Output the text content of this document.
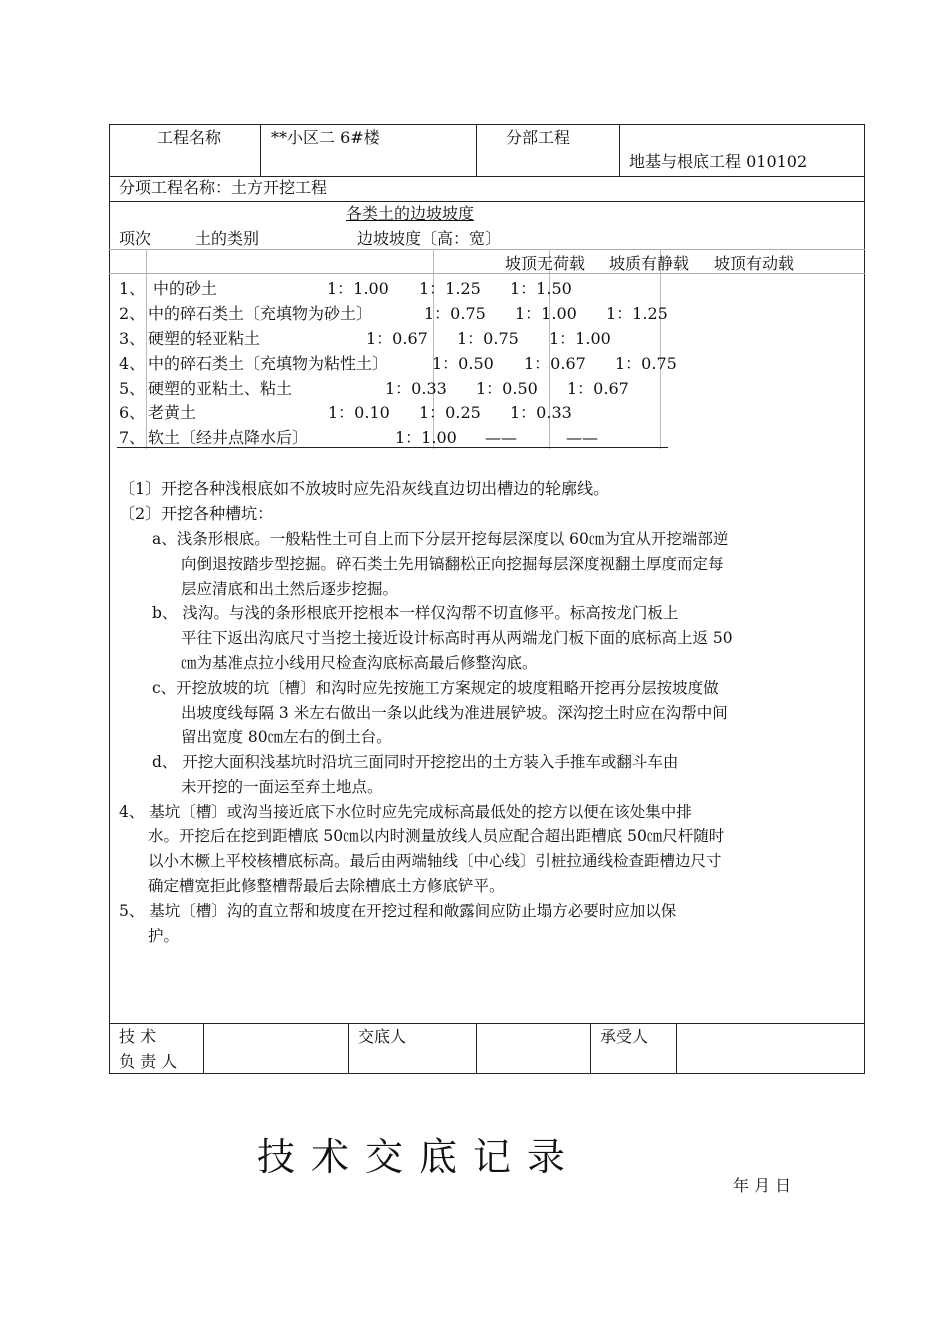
工程名称	**小区二 6#楼	分部工程
地基与根底工程 010102
分项工程名称：土方开挖工程
各类土的边坡坡度
项次	土的类别	边坡坡度〔高：宽〕
坡顶无荷载 坡质有静载 坡顶有动载
1、 中的砂土	1：1.00 1：1.25 1：1.50
2、 中的碎石类土〔充填物为砂土〕	1：0.75 1：1.00 1：1.25
3、 硬塑的轻亚粘土	1：0.67 1：0.75 1：1.00
4、 中的碎石类土〔充填物为粘性土〕	1：0.50 1：0.67 1：0.75
5、 硬塑的亚粘土、粘土	1：0.33 1：0.50 1：0.67
6、 老黄土	1：0.10 1：0.25 1：0.33
7、 软土〔经井点降水后〕	1：1.00 ——	——
〔1〕开挖各种浅根底如不放坡时应先沿灰线直边切出槽边的轮廓线。
〔2〕开挖各种槽坑：
a、浅条形根底。一般粘性土可自上而下分层开挖每层深度以 60㎝为宜从开挖端部逆
向倒退按踏步型挖掘。碎石类土先用镐翻松正向挖掘每层深度视翻土厚度而定每
层应清底和出土然后逐步挖掘。
b、 浅沟。与浅的条形根底开挖根本一样仅沟帮不切直修平。标高按龙门板上
平往下返出沟底尺寸当挖土接近设计标高时再从两端龙门板下面的底标高上返 50
㎝为基准点拉小线用尺检查沟底标高最后修整沟底。
c、开挖放坡的坑〔槽〕和沟时应先按施工方案规定的坡度粗略开挖再分层按坡度做
出坡度线每隔 3 米左右做出一条以此线为准进展铲坡。深沟挖土时应在沟帮中间
留出宽度 80㎝左右的倒土台。
d、 开挖大面积浅基坑时沿坑三面同时开挖挖出的土方装入手推车或翻斗车由
未开挖的一面运至弃土地点。
4、 基坑〔槽〕或沟当接近底下水位时应先完成标高最低处的挖方以便在该处集中排
水。开挖后在挖到距槽底 50㎝以内时测量放线人员应配合超出距槽底 50㎝尺杆随时
以小木橛上平校核槽底标高。最后由两端轴线〔中心线〕引桩拉通线检查距槽边尺寸
确定槽宽拒此修整槽帮最后去除槽底土方修底铲平。
5、 基坑〔槽〕沟的直立帮和坡度在开挖过程和敞露间应防止塌方必要时应加以保
护。
技 术
负 责 人
交底人	承受人
技术交底记录
年 月 日
